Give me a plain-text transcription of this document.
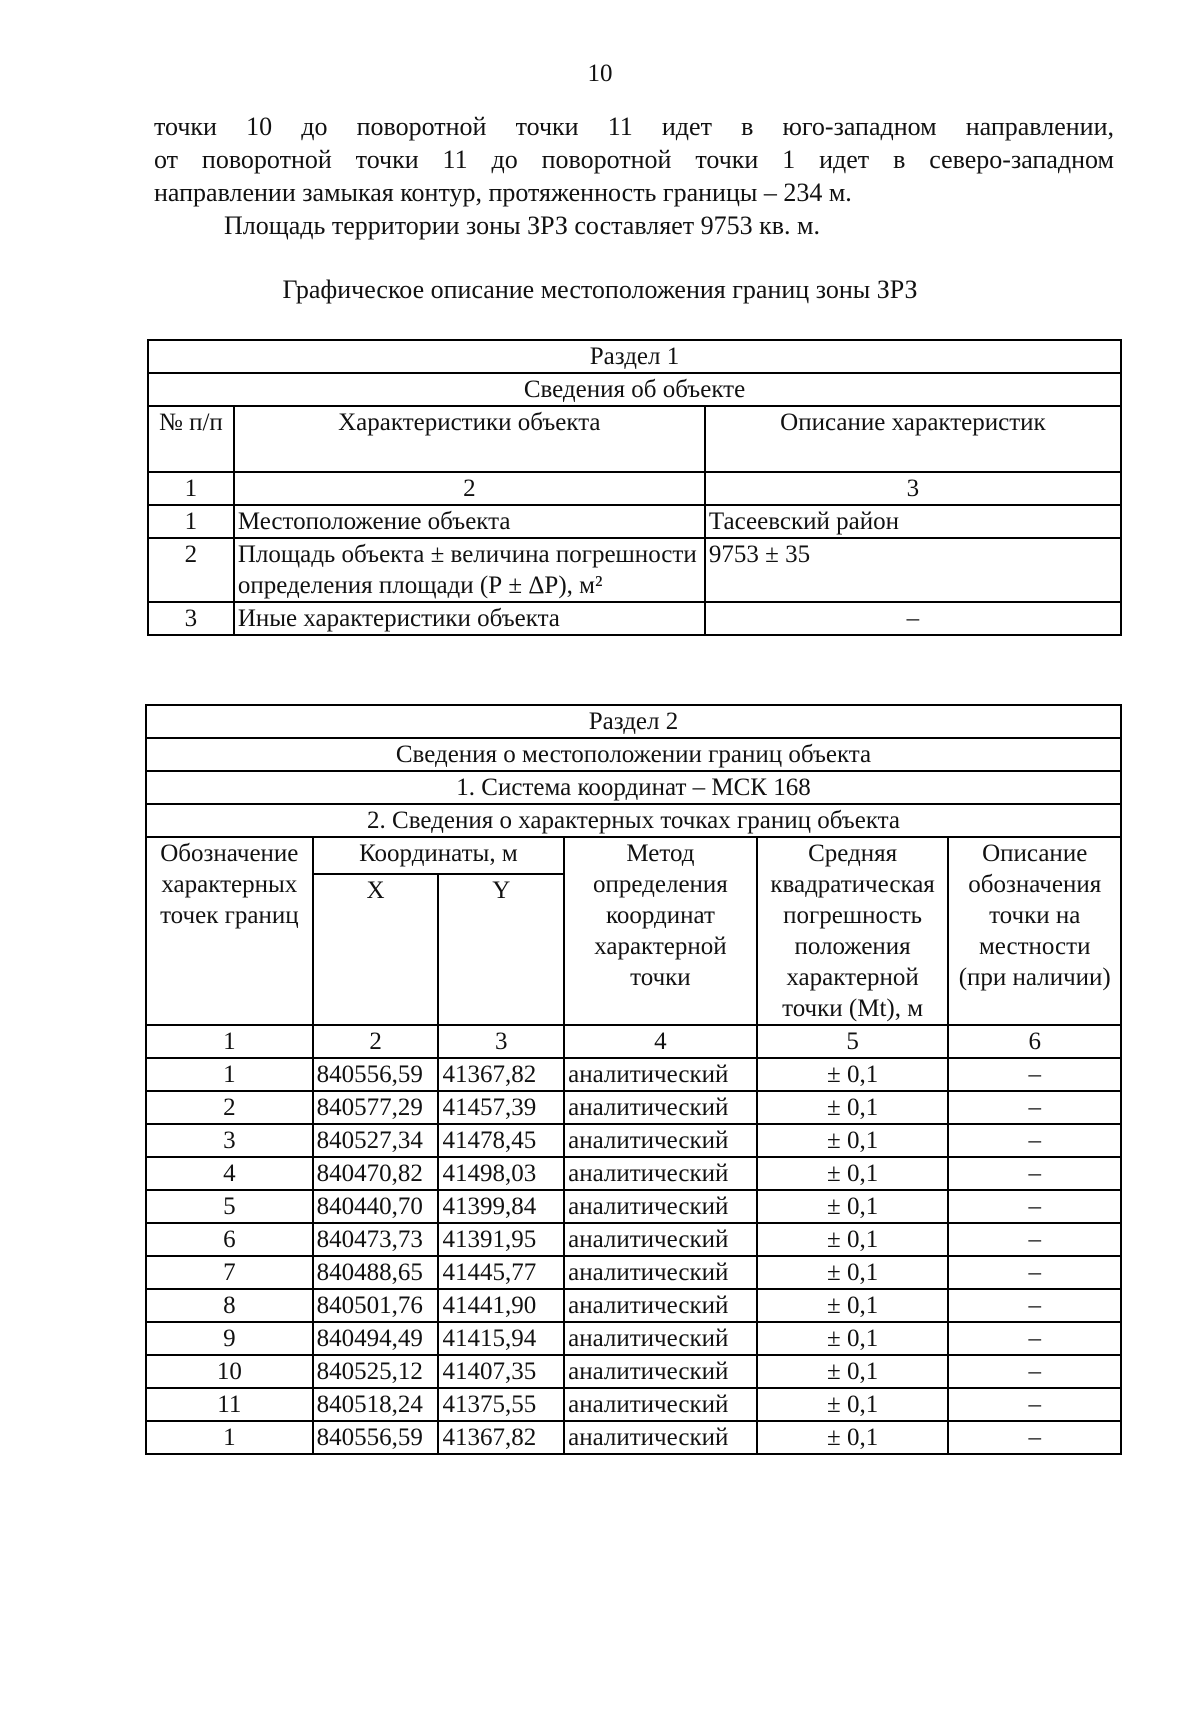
10

точки 10 до поворотной точки 11 идет в юго-западном направлении,

от поворотной точки 11 до поворотной точки 1 идет в северо-западном

направлении замыкая контур, протяженность границы – 234 м.

Площадь территории зоны ЗРЗ составляет 9753 кв. м.

Графическое описание местоположения границ зоны ЗРЗ
Раздел 1		
Сведения об объекте		
№ п/п	Характеристики объекта	Описание характеристик
1	2	3
1	Местоположение объекта	Тасеевский район
2	Площадь объекта ± величина погрешности определения площади (Р ± ΔР), м²	9753 ± 35
3	Иные характеристики объекта	–
Раздел 2					
Сведения о местоположении границ объекта					
1. Система координат – МСК 168					
2. Сведения о характерных точках границ объекта					
Обозначение характерных точек границ	Координаты, м		Метод определения координат характерной точки	Средняя квадратическая погрешность положения характерной точки (Mt), м	Описание обозначения точки на местности (при наличии)
	X	Y			
1	2	3	4	5	6
1	840556,59	41367,82	аналитический	± 0,1	–
2	840577,29	41457,39	аналитический	± 0,1	–
3	840527,34	41478,45	аналитический	± 0,1	–
4	840470,82	41498,03	аналитический	± 0,1	–
5	840440,70	41399,84	аналитический	± 0,1	–
6	840473,73	41391,95	аналитический	± 0,1	–
7	840488,65	41445,77	аналитический	± 0,1	–
8	840501,76	41441,90	аналитический	± 0,1	–
9	840494,49	41415,94	аналитический	± 0,1	–
10	840525,12	41407,35	аналитический	± 0,1	–
11	840518,24	41375,55	аналитический	± 0,1	–
1	840556,59	41367,82	аналитический	± 0,1	–
